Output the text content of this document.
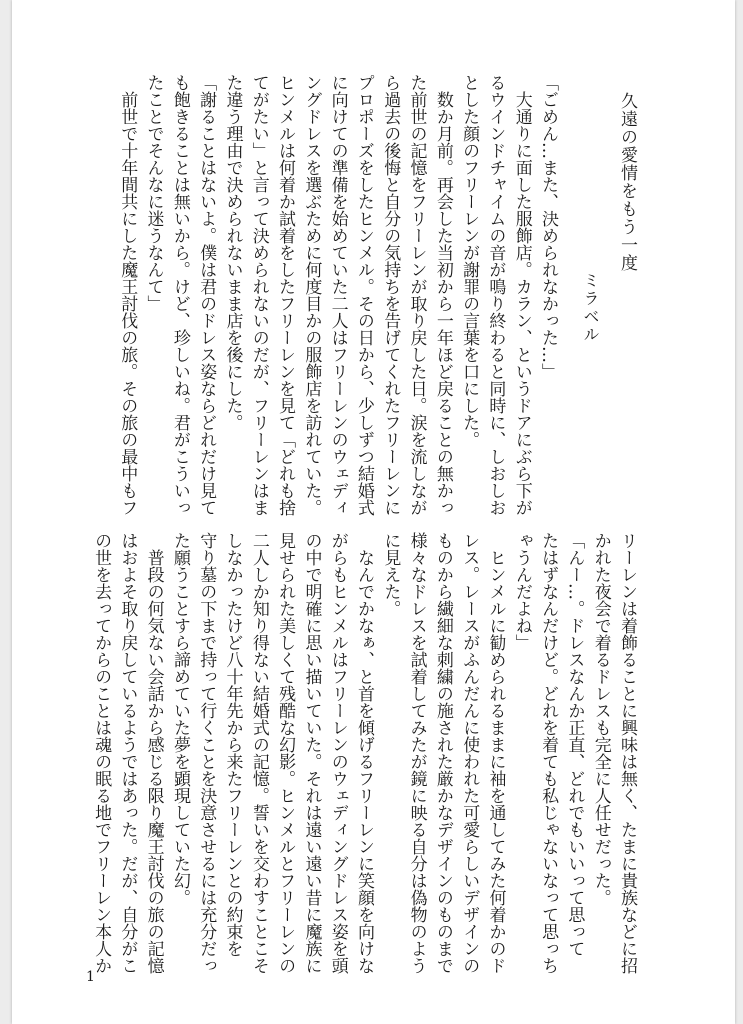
久遠の愛情をもう一度
ミラベル
「ごめん…また、決められなかった…」
　大通りに面した服飾店。カラン、というドアにぶら下が
るウインドチャイムの音が鳴り終わると同時に、しおしお
とした顔のフリーレンが謝罪の言葉を口にした。
　数か月前。再会した当初から一年ほど戻ることの無かっ
た前世の記憶をフリーレンが取り戻した日。涙を流しなが
ら過去の後悔と自分の気持ちを告げてくれたフリーレンに
プロポーズをしたヒンメル。その日から、少しずつ結婚式
に向けての準備を始めていた二人はフリーレンのウェディ
ングドレスを選ぶために何度目かの服飾店を訪れていた。
ヒンメルは何着か試着をしたフリーレンを見て「どれも捨
てがたい」と言って決められないのだが、フリーレンはま
た違う理由で決められないまま店を後にした。
「謝ることはないよ。僕は君のドレス姿ならどれだけ見て
も飽きることは無いから。けど、珍しいね。君がこういっ
たことでそんなに迷うなんて」
　前世で十年間共にした魔王討伐の旅。その旅の最中もフ
リーレンは着飾ることに興味は無く、たまに貴族などに招
かれた夜会で着るドレスも完全に人任せだった。
「んー…。ドレスなんか正直、どれでもいいって思って
たはずなんだけど。どれを着ても私じゃないなって思っち
ゃうんだよね」
　ヒンメルに勧められるままに袖を通してみた何着かのド
レス。レースがふんだんに使われた可愛らしいデザインの
ものから繊細な刺繍の施された厳かなデザインのものまで
様々なドレスを試着してみたが鏡に映る自分は偽物のよう
に見えた。
　なんでかなぁ、と首を傾げるフリーレンに笑顔を向けな
がらもヒンメルはフリーレンのウェディングドレス姿を頭
の中で明確に思い描いていた。それは遠い遠い昔に魔族に
見せられた美しくて残酷な幻影。ヒンメルとフリーレンの
二人しか知り得ない結婚式の記憶。誓いを交わすことこそ
しなかったけど八十年先から来たフリーレンとの約束を
守り墓の下まで持って行くことを決意させるには充分だっ
た願うことすら諦めていた夢を顕現していた幻。
　普段の何気ない会話から感じる限り魔王討伐の旅の記憶
はおよそ取り戻しているようではあった。だが、自分がこ
の世を去ってからのことは魂の眠る地でフリーレン本人か
1
